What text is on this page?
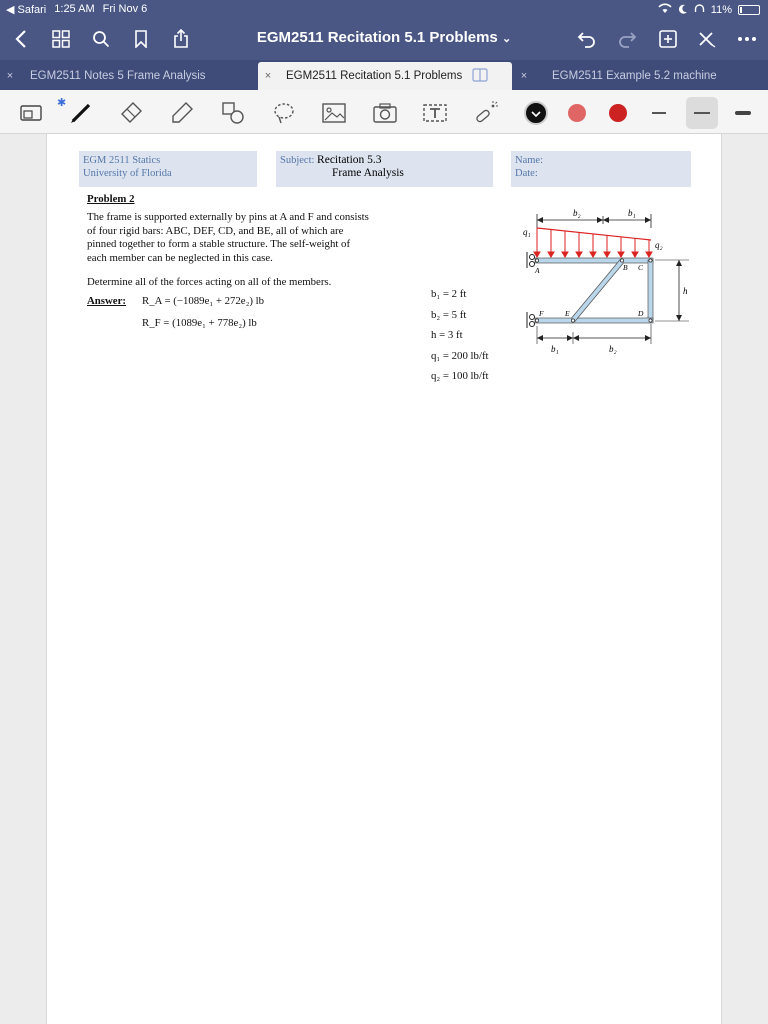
◀ Safari 1:25 AM Fri Nov 6	11%
EGM2511 Recitation 5.1 Problems ⌄
×	EGM2511 Notes 5 Frame Analysis	×	EGM2511 Recitation 5.1 Problems	×	EGM2511 Example 5.2 machine
✱
EGM 2511 Statics
University of Florida
Subject: Recitation 5.3
Frame Analysis
Name:
Date:
Problem 2
The frame is supported externally by pins at A and F and consists
of four rigid bars: ABC, DEF, CD, and BE, all of which are
pinned together to form a stable structure. The self-weight of
each member can be neglected in this case.
Determine all of the forces acting on all of the members.
Answer: R_A = (−1089e₁ + 272e₂) lb
R_F = (1089e₁ + 778e₂) lb
b₁ = 2 ft
b₂ = 5 ft
h = 3 ft
q₁ = 200 lb/ft
q₂ = 100 lb/ft
b₂	b₁
q₁
q₂
A	B C
D
E
F
h
b₁	b₂
